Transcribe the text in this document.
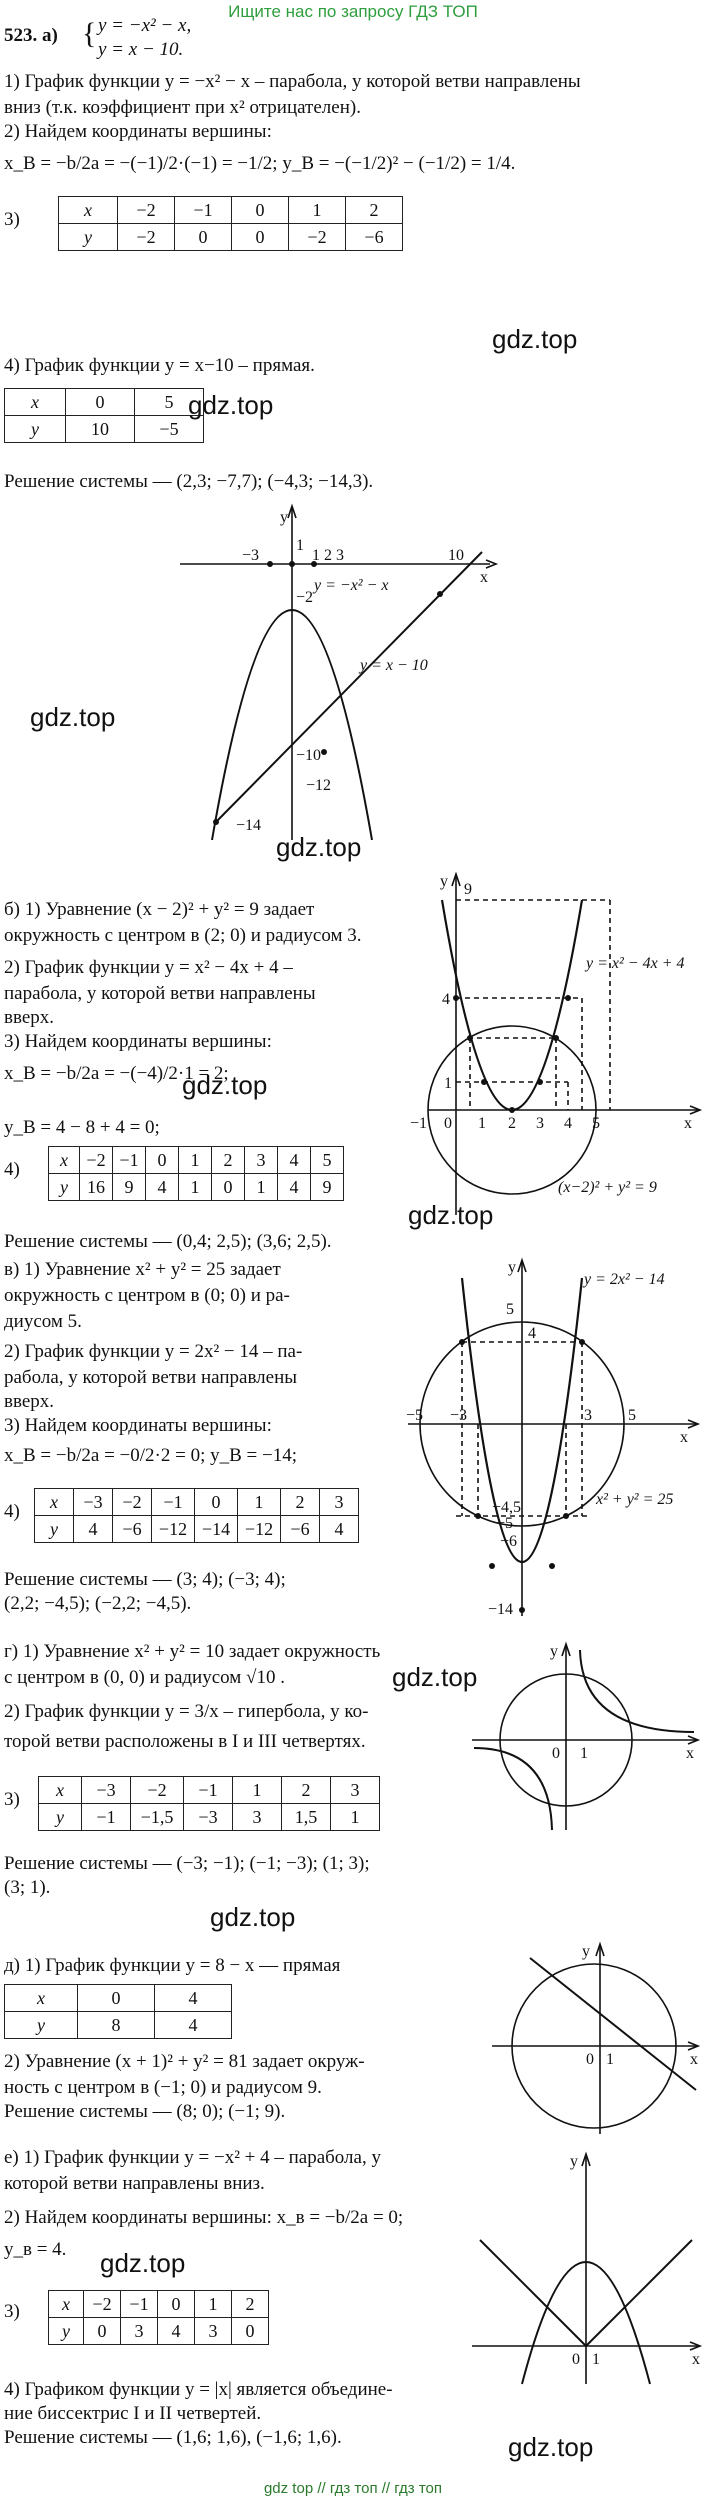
Ищите нас по запросу ГДЗ ТОП
523. а) { y = −x² − x,
y = x − 10.
1) График функции y = −x² − x – парабола, у которой ветви направлены
вниз (т.к. коэффициент при x² отрицателен).
2) Найдем координаты вершины:
x_B = −b/2a = −(−1)/2·(−1) = −1/2; y_B = −(−1/2)² − (−1/2) = 1/4.
3)	x	−2	−1	0	1	2
y	−2	0	0	−2	−6
gdz.top
4) График функции y = x−10 – прямая.
x	0	5
y	10	−5
gdz.top
Решение системы — (2,3; −7,7); (−4,3; −14,3).
y
x
1
1 2 3
−3	10
−2
−10
−12
−14
y = −x² − x
y = x − 10
gdz.top
gdz.top
б) 1) Уравнение (x − 2)² + y² = 9 задает
окружность с центром в (2; 0) и радиусом 3.
2) График функции y = x² − 4x + 4 –
парабола, у которой ветви направлены
вверх.
3) Найдем координаты вершины:
x_B = −b/2a = −(−4)/2·1 = 2;
y_B = 4 − 8 + 4 = 0;
gdz.top
4) x	−2	−1	0	1	2	3	4	5
y	16	9	4	1	0	1	4	9
Решение системы — (0,4; 2,5); (3,6; 2,5).
y 9
4
1
−1 0 1 2 3 4 5	x
y = x² − 4x + 4
(x−2)² + y² = 9
gdz.top
в) 1) Уравнение x² + y² = 25 задает
окружность с центром в (0; 0) и ра-
диусом 5.
2) График функции y = 2x² − 14 – па-
рабола, у которой ветви направлены
вверх.
3) Найдем координаты вершины:
x_B = −b/2a = −0/2·2 = 0; y_B = −14;
4) x	−3	−2	−1	0	1	2	3
y	4	−6	−12	−14	−12	−6	4
Решение системы — (3; 4); (−3; 4);
(2,2; −4,5); (−2,2; −4,5).
y
5
4
−5 −3	3 5
x
−4,5
−5
−6
−14
y = 2x² − 14
x² + y² = 25
г) 1) Уравнение x² + y² = 10 задает окружность
с центром в (0, 0) и радиусом √10 .	gdz.top
2) График функции y = 3/x – гипербола, у ко-
торой ветви расположены в I и III четвертях.
3) x	−3	−2	−1	1	2	3
y	−1	−1,5	−3	3	1,5	1
Решение системы — (−3; −1); (−1; −3); (1; 3);
(3; 1).
gdz.top
y
x
0 1
д) 1) График функции y = 8 − x — прямая
x	0	4
y	8	4
2) Уравнение (x + 1)² + y² = 81 задает окруж-
ность с центром в (−1; 0) и радиусом 9.
Решение системы — (8; 0); (−1; 9).
y
x
0 1
е) 1) График функции y = −x² + 4 – парабола, у
которой ветви направлены вниз.
2) Найдем координаты вершины: x_в = −b/2a = 0;
y_в = 4. gdz.top
3) x	−2	−1	0	1	2
y	0	3	4	3	0
4) Графиком функции y = |x| является объедине-
ние биссектрис I и II четвертей.
Решение системы — (1,6; 1,6), (−1,6; 1,6).
y
x
0 1
gdz.top
gdz top // гдз топ // гдз топ
